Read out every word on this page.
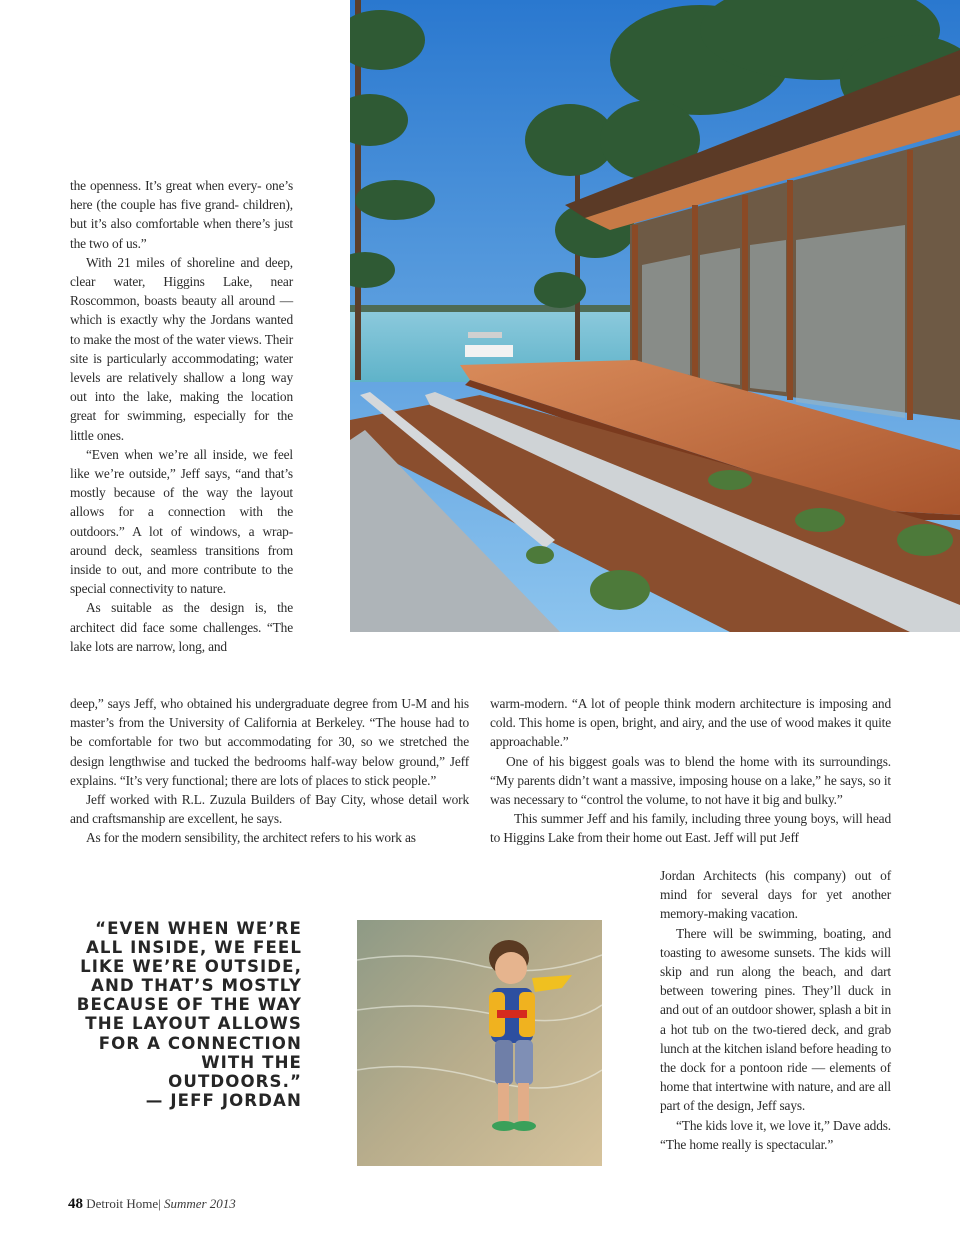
the openness. It’s great when every- one’s here (the couple has five grand- children), but it’s also comfortable when there’s just the two of us.”

With 21 miles of shoreline and deep, clear water, Higgins Lake, near Roscommon, boasts beauty all around — which is exactly why the Jordans wanted to make the most of the water views. Their site is particularly accommodating; water levels are relatively shallow a long way out into the lake, making the location great for swimming, especially for the little ones.

“Even when we’re all inside, we feel like we’re outside,” Jeff says, “and that’s mostly because of the way the layout allows for a connection with the outdoors.” A lot of windows, a wrap-around deck, seamless transitions from inside to out, and more contribute to the special connectivity to nature.

As suitable as the design is, the architect did face some challenges. “The lake lots are narrow, long, and

deep,” says Jeff, who obtained his undergraduate degree from U-M and his master’s from the University of California at Berkeley. “The house had to be comfortable for two but accommodating for 30, so we stretched the design lengthwise and tucked the bedrooms half-way below ground,” Jeff explains. “It’s very functional; there are lots of places to stick people.”

Jeff worked with R.L. Zuzula Builders of Bay City, whose detail work and craftsmanship are excellent, he says.

As for the modern sensibility, the architect refers to his work as

warm-modern. “A lot of people think modern architecture is imposing and cold. This home is open, bright, and airy, and the use of wood makes it quite approachable.”

One of his biggest goals was to blend the home with its surroundings. “My parents didn’t want a massive, imposing house on a lake,” he says, so it was necessary to “control the volume, to not have it big and bulky.”

This summer Jeff and his family, including three young boys, will head to Higgins Lake from their home out East. Jeff will put Jeff

Jordan Architects (his company) out of mind for several days for yet another memory-making vacation.

There will be swimming, boating, and toasting to awesome sunsets. The kids will skip and run along the beach, and dart between towering pines. They’ll duck in and out of an outdoor shower, splash a bit in a hot tub on the two-tiered deck, and grab lunch at the kitchen island before heading to the dock for a pontoon ride — elements of home that intertwine with nature, and are all part of the design, Jeff says.

“The kids love it, we love it,” Dave adds. “The home really is spectacular.”

“EVEN WHEN WE’RE ALL INSIDE, WE FEEL LIKE WE’RE OUTSIDE, AND THAT’S MOSTLY BECAUSE OF THE WAY THE LAYOUT ALLOWS FOR A CONNECTION WITH THE OUTDOORS.”
— JEFF JORDAN
48 Detroit Home| Summer 2013
